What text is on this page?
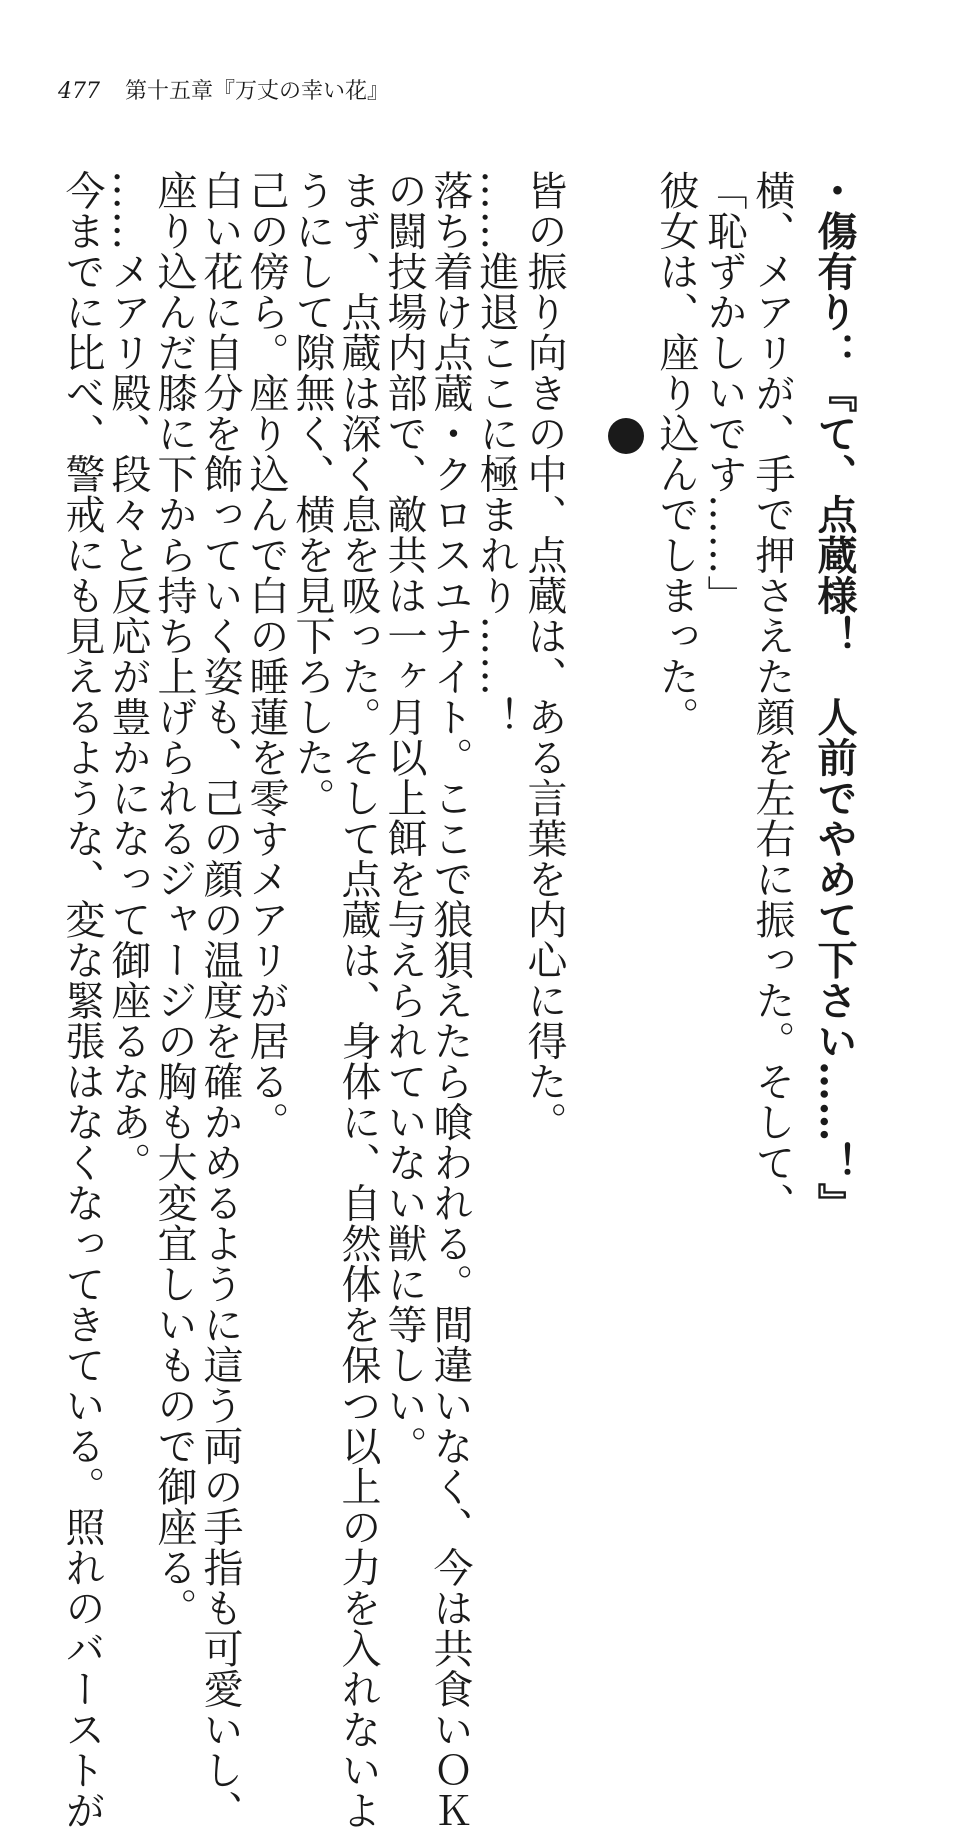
477 第十五章『万丈の幸い花』
・傷有り：『て、点蔵様！　人前でやめて下さい……！』
横、メアリが、手で押さえた顔を左右に振った。そして、
「恥ずかしいです……」
彼女は、座り込んでしまった。
皆の振り向きの中、点蔵は、ある言葉を内心に得た。
……進退ここに極まれり……！
落ち着け点蔵・クロスユナイト。ここで狼狽えたら喰われる。間違いなく、今は共食いＯＫ
の闘技場内部で、敵共は一ヶ月以上餌を与えられていない獣に等しい。
まず、点蔵は深く息を吸った。そして点蔵は、身体に、自然体を保つ以上の力を入れないよ
うにして隙無く、横を見下ろした。
己の傍ら。座り込んで白の睡蓮を零すメアリが居る。
白い花に自分を飾っていく姿も、己の顔の温度を確かめるように這う両の手指も可愛いし、
座り込んだ膝に下から持ち上げられるジャージの胸も大変宜しいもので御座る。
……メアリ殿、段々と反応が豊かになって御座るなあ。
今までに比べ、警戒にも見えるような、変な緊張はなくなってきている。照れのバーストが
